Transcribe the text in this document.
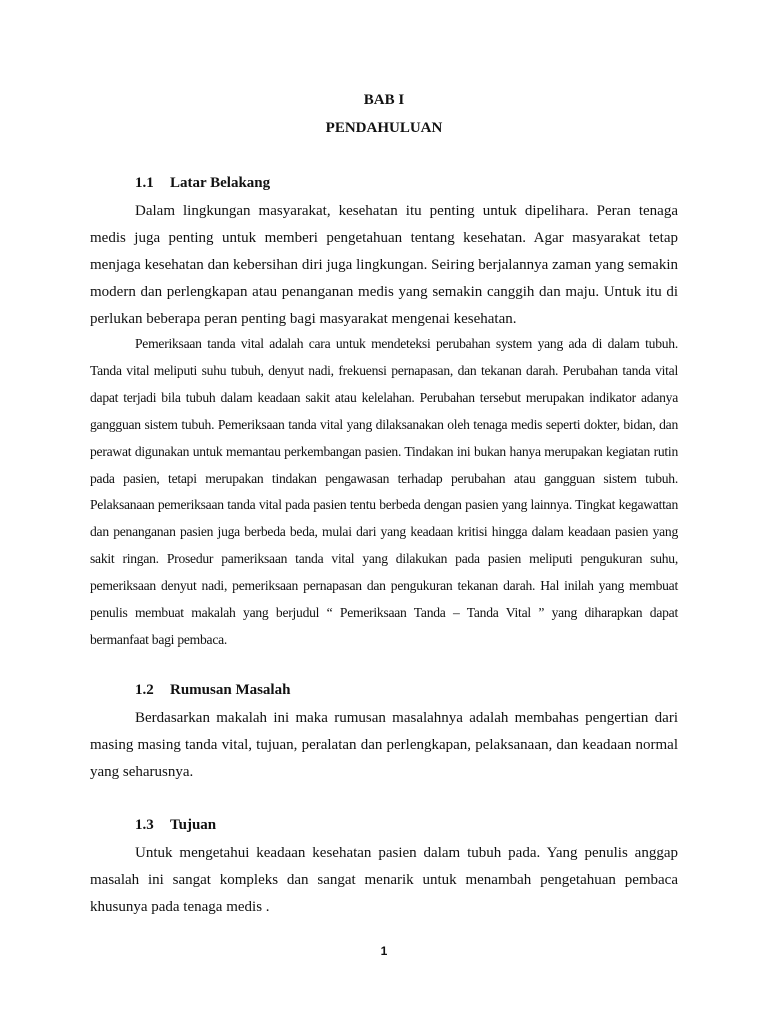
BAB I
PENDAHULUAN
1.1 Latar Belakang

Dalam lingkungan masyarakat, kesehatan itu penting untuk dipelihara. Peran tenaga medis juga penting untuk memberi pengetahuan tentang kesehatan. Agar masyarakat tetap menjaga kesehatan dan kebersihan diri juga lingkungan. Seiring berjalannya zaman yang semakin modern dan perlengkapan atau penanganan medis yang semakin canggih dan maju. Untuk itu di perlukan beberapa peran penting bagi masyarakat mengenai kesehatan.

Pemeriksaan tanda vital adalah cara untuk mendeteksi perubahan system yang ada di dalam tubuh. Tanda vital meliputi suhu tubuh, denyut nadi, frekuensi pernapasan, dan tekanan darah. Perubahan tanda vital dapat terjadi bila tubuh dalam keadaan sakit atau kelelahan. Perubahan tersebut merupakan indikator adanya gangguan sistem tubuh. Pemeriksaan tanda vital yang dilaksanakan oleh tenaga medis seperti dokter, bidan, dan perawat digunakan untuk memantau perkembangan pasien. Tindakan ini bukan hanya merupakan kegiatan rutin pada pasien, tetapi merupakan tindakan pengawasan terhadap perubahan atau gangguan sistem tubuh. Pelaksanaan pemeriksaan tanda vital pada pasien tentu berbeda dengan pasien yang lainnya. Tingkat kegawattan dan penanganan pasien juga berbeda beda, mulai dari yang keadaan kritisi hingga dalam keadaan pasien yang sakit ringan. Prosedur pameriksaan tanda vital yang dilakukan pada pasien meliputi pengukuran suhu, pemeriksaan denyut nadi, pemeriksaan pernapasan dan pengukuran tekanan darah. Hal inilah yang membuat penulis membuat makalah yang berjudul “ Pemeriksaan Tanda – Tanda Vital ” yang diharapkan dapat bermanfaat bagi pembaca.

1.2 Rumusan Masalah

Berdasarkan makalah ini maka rumusan masalahnya adalah membahas pengertian dari masing masing tanda vital, tujuan, peralatan dan perlengkapan, pelaksanaan, dan keadaan normal yang seharusnya.

1.3 Tujuan

Untuk mengetahui keadaan kesehatan pasien dalam tubuh pada. Yang penulis anggap masalah ini sangat kompleks dan sangat menarik untuk menambah pengetahuan pembaca khusunya pada tenaga medis .

1
